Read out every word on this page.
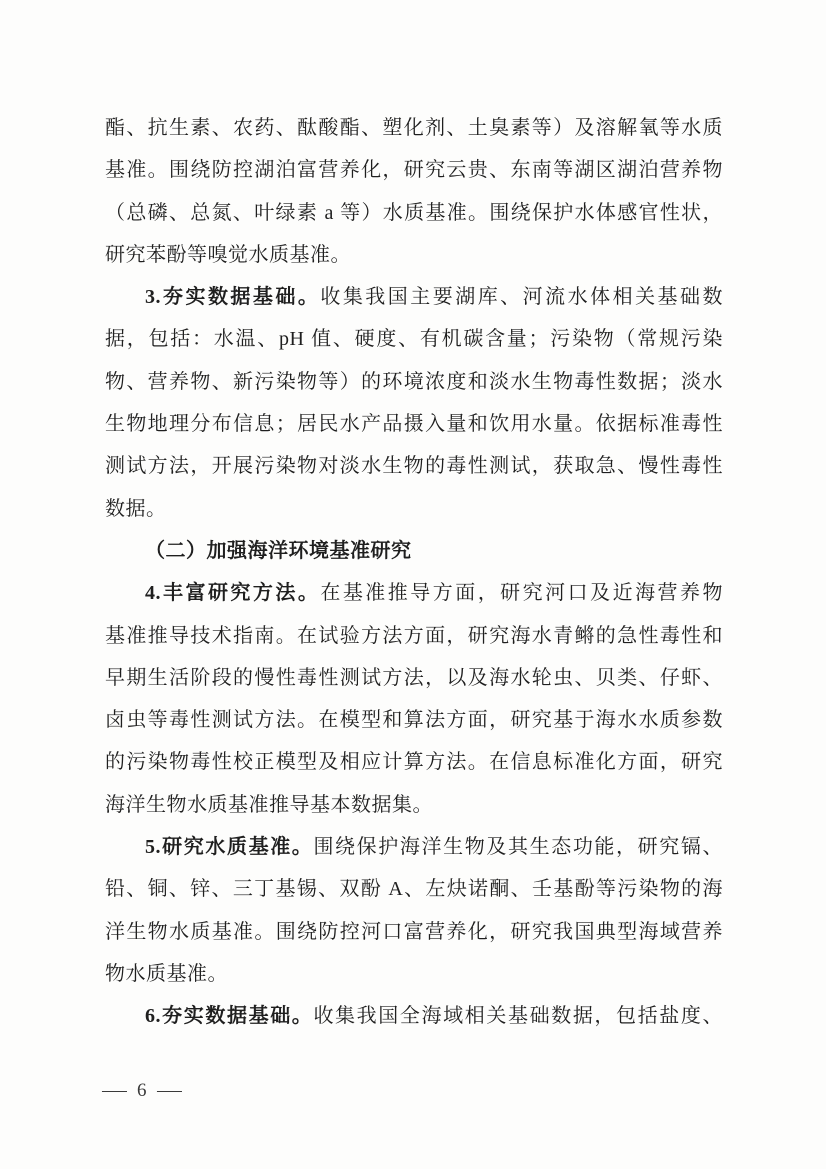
酯、抗生素、农药、酞酸酯、塑化剂、土臭素等）及溶解氧等水质
基准。围绕防控湖泊富营养化，研究云贵、东南等湖区湖泊营养物
（总磷、总氮、叶绿素 a 等）水质基准。围绕保护水体感官性状，
研究苯酚等嗅觉水质基准。
3.夯实数据基础。收集我国主要湖库、河流水体相关基础数
据，包括：水温、pH 值、硬度、有机碳含量；污染物（常规污染
物、营养物、新污染物等）的环境浓度和淡水生物毒性数据；淡水
生物地理分布信息；居民水产品摄入量和饮用水量。依据标准毒性
测试方法，开展污染物对淡水生物的毒性测试，获取急、慢性毒性
数据。
（二）加强海洋环境基准研究
4.丰富研究方法。在基准推导方面，研究河口及近海营养物
基准推导技术指南。在试验方法方面，研究海水青鳉的急性毒性和
早期生活阶段的慢性毒性测试方法，以及海水轮虫、贝类、仔虾、
卤虫等毒性测试方法。在模型和算法方面，研究基于海水水质参数
的污染物毒性校正模型及相应计算方法。在信息标准化方面，研究
海洋生物水质基准推导基本数据集。
5.研究水质基准。围绕保护海洋生物及其生态功能，研究镉、
铅、铜、锌、三丁基锡、双酚 A、左炔诺酮、壬基酚等污染物的海
洋生物水质基准。围绕防控河口富营养化，研究我国典型海域营养
物水质基准。
6.夯实数据基础。收集我国全海域相关基础数据，包括盐度、
— 6 —
